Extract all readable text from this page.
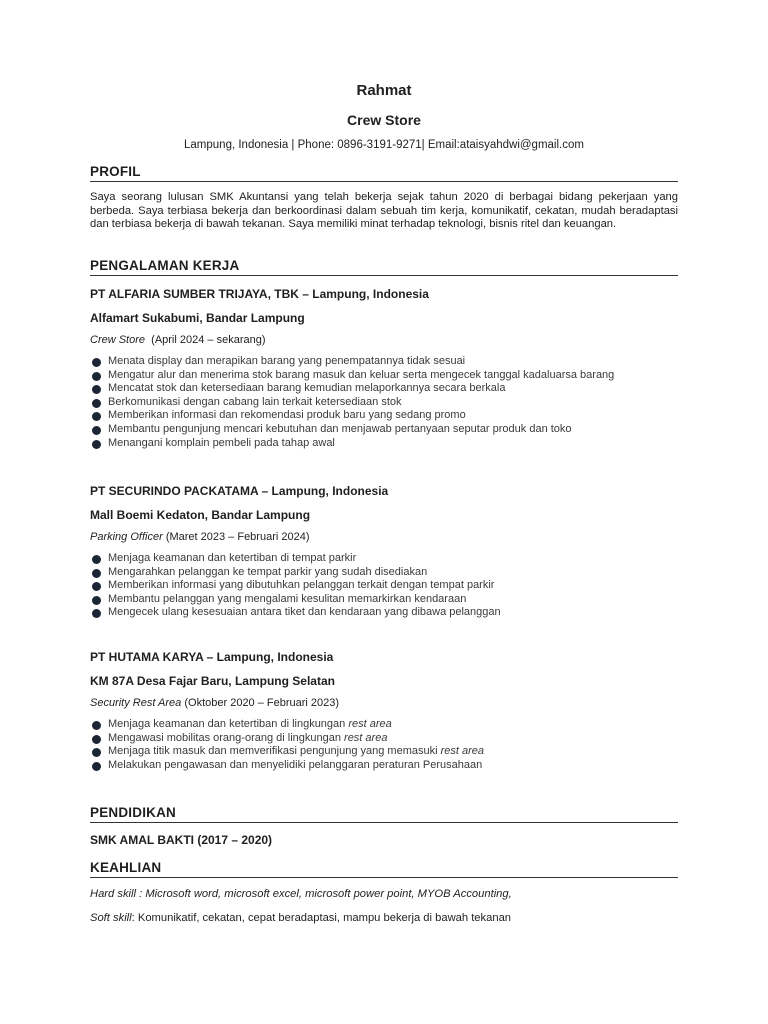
Rahmat
Crew Store
Lampung, Indonesia | Phone: 0896-3191-9271| Email:ataisyahdwi@gmail.com
PROFIL

Saya seorang lulusan SMK Akuntansi yang telah bekerja sejak tahun 2020 di berbagai bidang pekerjaan yang berbeda. Saya terbiasa bekerja dan berkoordinasi dalam sebuah tim kerja, komunikatif, cekatan, mudah beradaptasi dan terbiasa bekerja di bawah tekanan. Saya memiliki minat terhadap teknologi, bisnis ritel dan keuangan.

PENGALAMAN KERJA

PT ALFARIA SUMBER TRIJAYA, TBK – Lampung, Indonesia

Alfamart Sukabumi, Bandar Lampung

Crew Store (April 2024 – sekarang)

Menata display dan merapikan barang yang penempatannya tidak sesuai
Mengatur alur dan menerima stok barang masuk dan keluar serta mengecek tanggal kadaluarsa barang
Mencatat stok dan ketersediaan barang kemudian melaporkannya secara berkala
Berkomunikasi dengan cabang lain terkait ketersediaan stok
Memberikan informasi dan rekomendasi produk baru yang sedang promo
Membantu pengunjung mencari kebutuhan dan menjawab pertanyaan seputar produk dan toko
Menangani komplain pembeli pada tahap awal

PT SECURINDO PACKATAMA – Lampung, Indonesia

Mall Boemi Kedaton, Bandar Lampung

Parking Officer (Maret 2023 – Februari 2024)

Menjaga keamanan dan ketertiban di tempat parkir
Mengarahkan pelanggan ke tempat parkir yang sudah disediakan
Memberikan informasi yang dibutuhkan pelanggan terkait dengan tempat parkir
Membantu pelanggan yang mengalami kesulitan memarkirkan kendaraan
Mengecek ulang kesesuaian antara tiket dan kendaraan yang dibawa pelanggan

PT HUTAMA KARYA – Lampung, Indonesia

KM 87A Desa Fajar Baru, Lampung Selatan

Security Rest Area (Oktober 2020 – Februari 2023)

Menjaga keamanan dan ketertiban di lingkungan rest area
Mengawasi mobilitas orang-orang di lingkungan rest area
Menjaga titik masuk dan memverifikasi pengunjung yang memasuki rest area
Melakukan pengawasan dan menyelidiki pelanggaran peraturan Perusahaan
PENDIDIKAN

SMK AMAL BAKTI (2017 – 2020)

KEAHLIAN

Hard skill : Microsoft word, microsoft excel, microsoft power point, MYOB Accounting,

Soft skill: Komunikatif, cekatan, cepat beradaptasi, mampu bekerja di bawah tekanan
